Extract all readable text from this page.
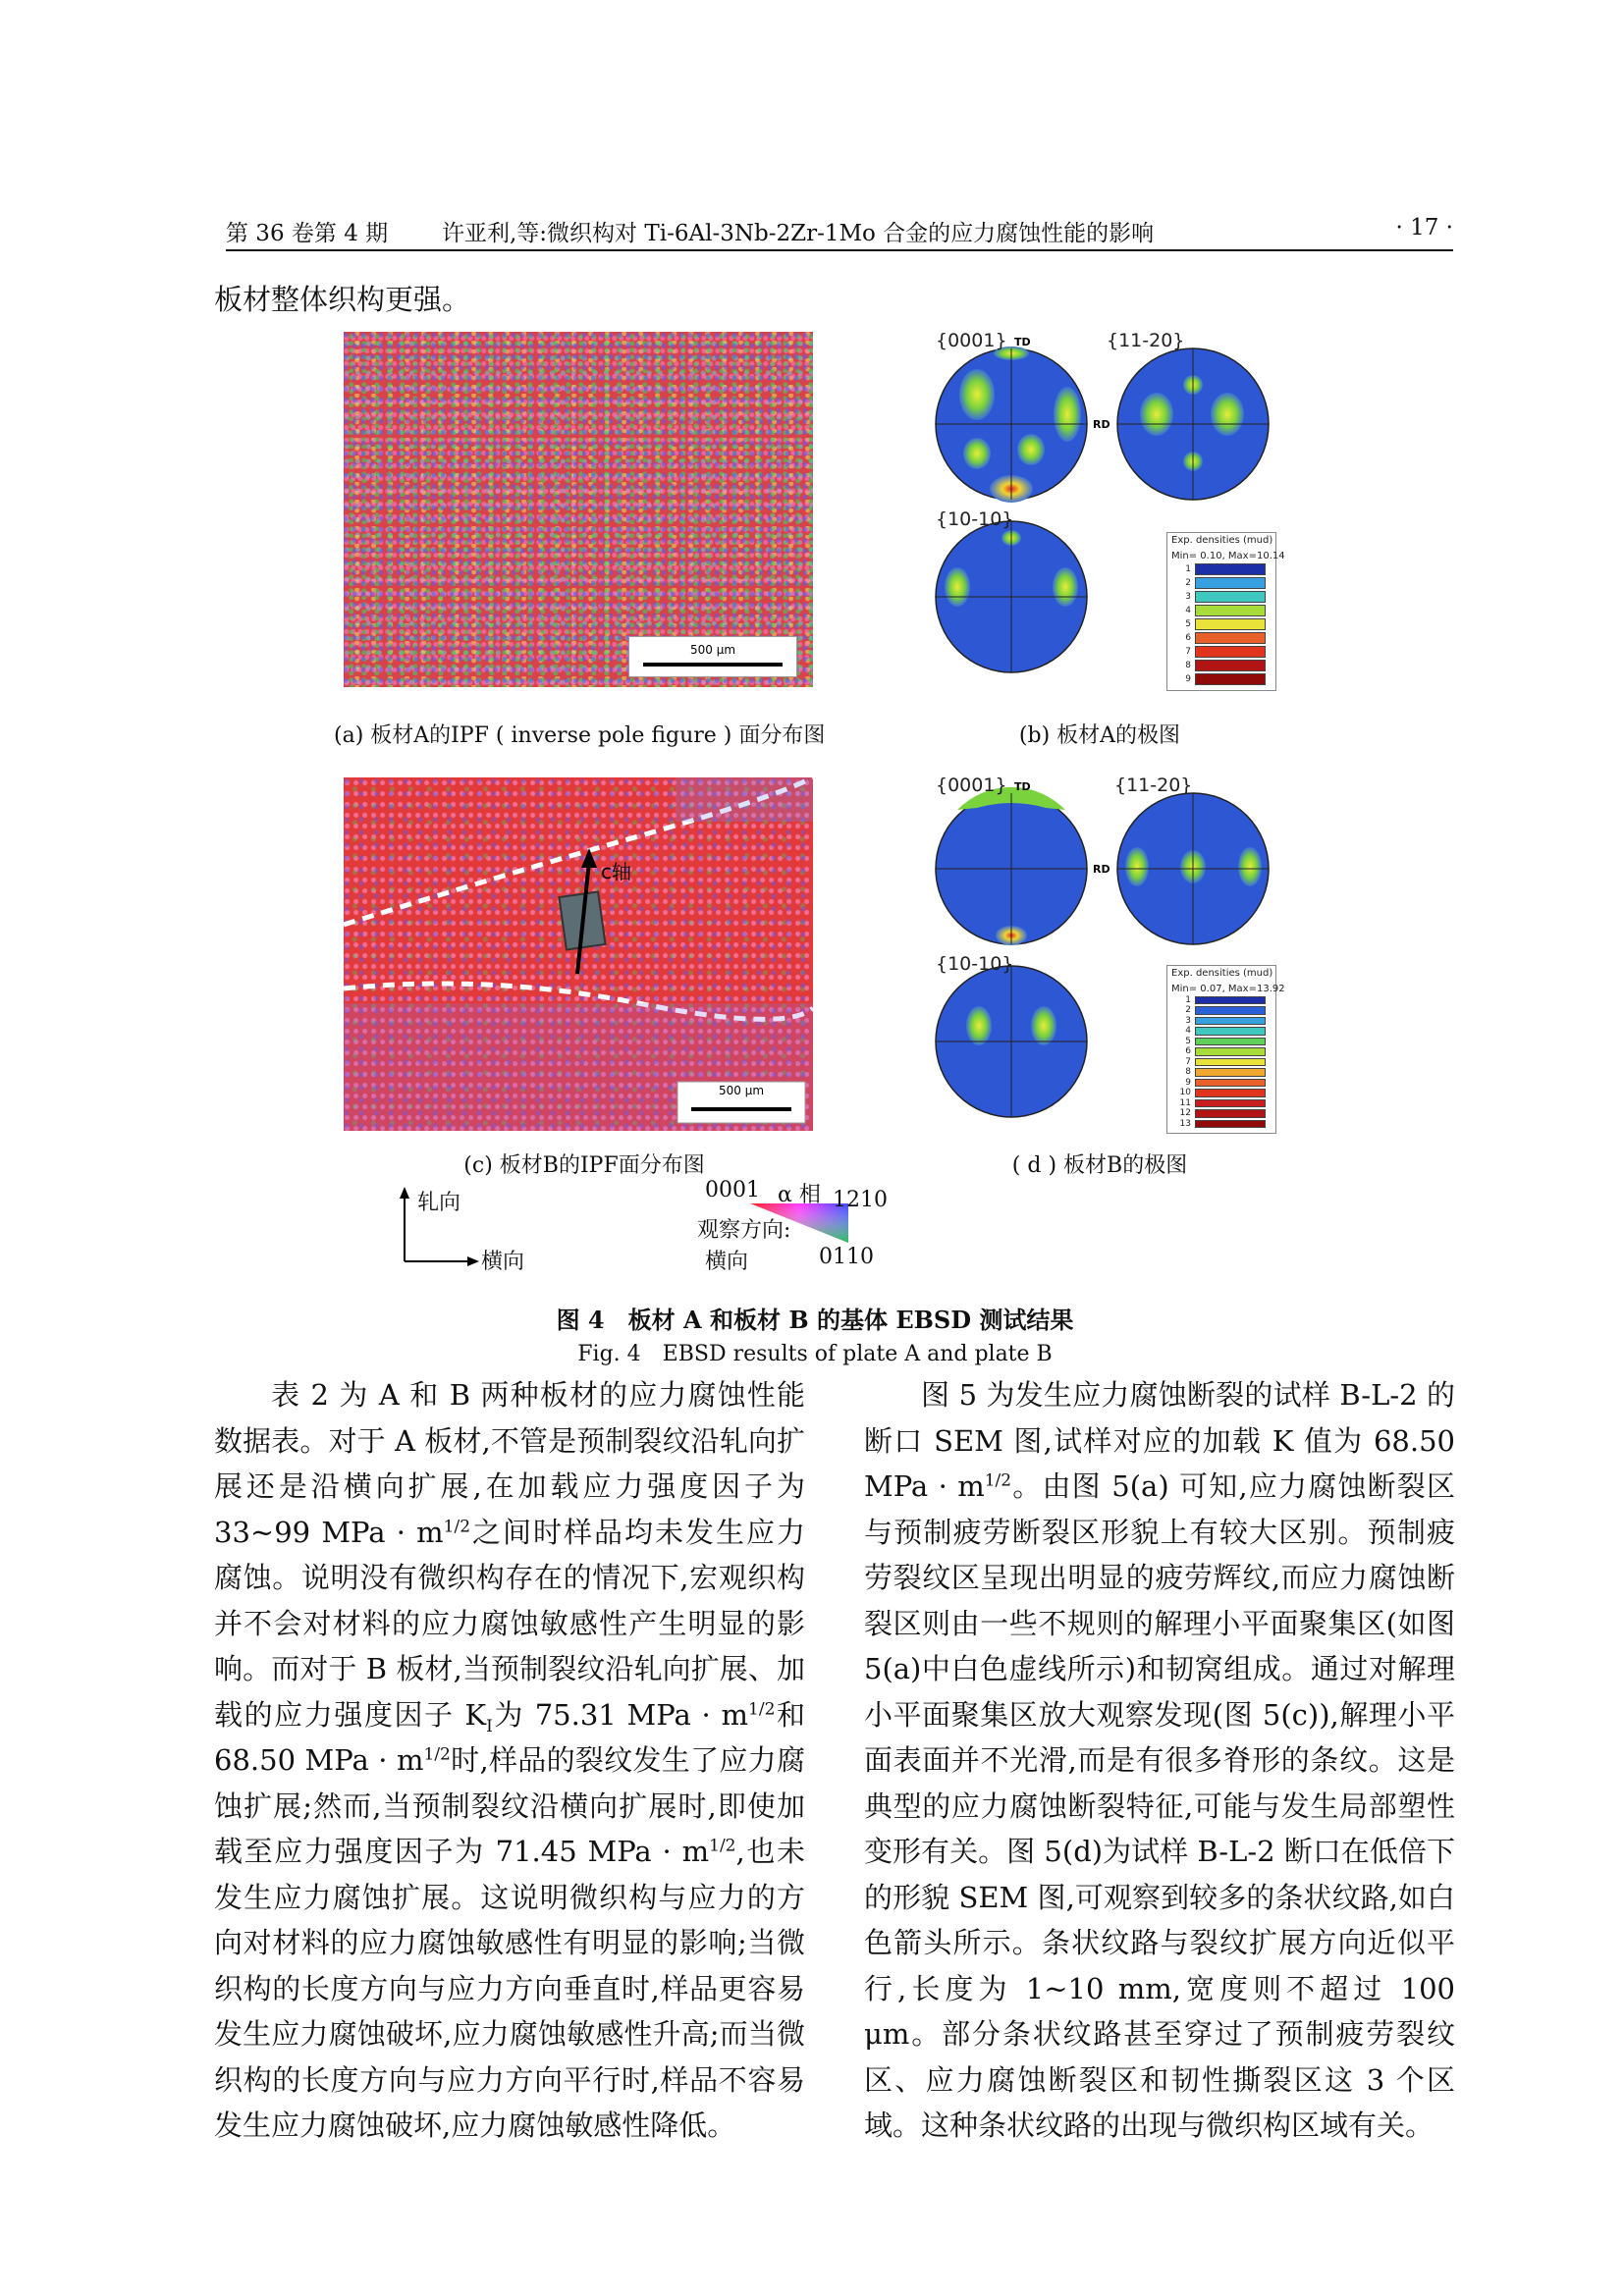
第 36 卷第 4 期 许亚利,等:微织构对 Ti-6Al-3Nb-2Zr-1Mo 合金的应力腐蚀性能的影响	· 17 ·
板材整体织构更强。
500 μm
(a) 板材A的IPF ( inverse pole figure ) 面分布图
{0001}	{11-20}
{10-10}
TD
RD
Exp. densities (mud)
Min= 0.10, Max=10.14
1
2
3
4
5
6
7
8
9
(b) 板材A的极图
500 μm
c轴
(c) 板材B的IPF面分布图
{0001}	{11-20}
{10-10}
TD
RD
Exp. densities (mud)
Min= 0.07, Max=13.92
1
2
3
4
5
6
7
8
9
10
11
12
13
( d ) 板材B的极图
轧向
横向
0001 α 相 1210
观察方向:
横向	0110
图 4　板材 A 和板材 B 的基体 EBSD 测试结果
Fig. 4　EBSD results of plate A and plate B
表 2 为 A 和 B 两种板材的应力腐蚀性能数据表。对于 A 板材,不管是预制裂纹沿轧向扩展还是沿横向扩展,在加载应力强度因子为 33~99 MPa · $m^{1/2}$之间时样品均未发生应力腐蚀。说明没有微织构存在的情况下,宏观织构并不会对材料的应力腐蚀敏感性产生明显的影响。而对于 B 板材,当预制裂纹沿轧向扩展、加载的应力强度因子 $K_I$为 75.31 MPa · $m^{1/2}$和 68.50 MPa · $m^{1/2}$时,样品的裂纹发生了应力腐蚀扩展;然而,当预制裂纹沿横向扩展时,即使加载至应力强度因子为 71.45 MPa · $m^{1/2}$,也未发生应力腐蚀扩展。这说明微织构与应力的方向对材料的应力腐蚀敏感性有明显的影响;当微织构的长度方向与应力方向垂直时,样品更容易发生应力腐蚀破坏,应力腐蚀敏感性升高;而当微织构的长度方向与应力方向平行时,样品不容易发生应力腐蚀破坏,应力腐蚀敏感性降低。
图 5 为发生应力腐蚀断裂的试样 B-L-2 的断口 SEM 图,试样对应的加载 K 值为 68.50 MPa · $m^{1/2}$。由图 5(a) 可知,应力腐蚀断裂区与预制疲劳断裂区形貌上有较大区别。预制疲劳裂纹区呈现出明显的疲劳辉纹,而应力腐蚀断裂区则由一些不规则的解理小平面聚集区(如图 5(a)中白色虚线所示)和韧窝组成。通过对解理小平面聚集区放大观察发现(图 5(c)),解理小平面表面并不光滑,而是有很多脊形的条纹。这是典型的应力腐蚀断裂特征,可能与发生局部塑性变形有关。图 5(d)为试样 B-L-2 断口在低倍下的形貌 SEM 图,可观察到较多的条状纹路,如白色箭头所示。条状纹路与裂纹扩展方向近似平行,长度为 1~10 mm,宽度则不超过 100 μm。部分条状纹路甚至穿过了预制疲劳裂纹区、应力腐蚀断裂区和韧性撕裂区这 3 个区域。这种条状纹路的出现与微织构区域有关。
